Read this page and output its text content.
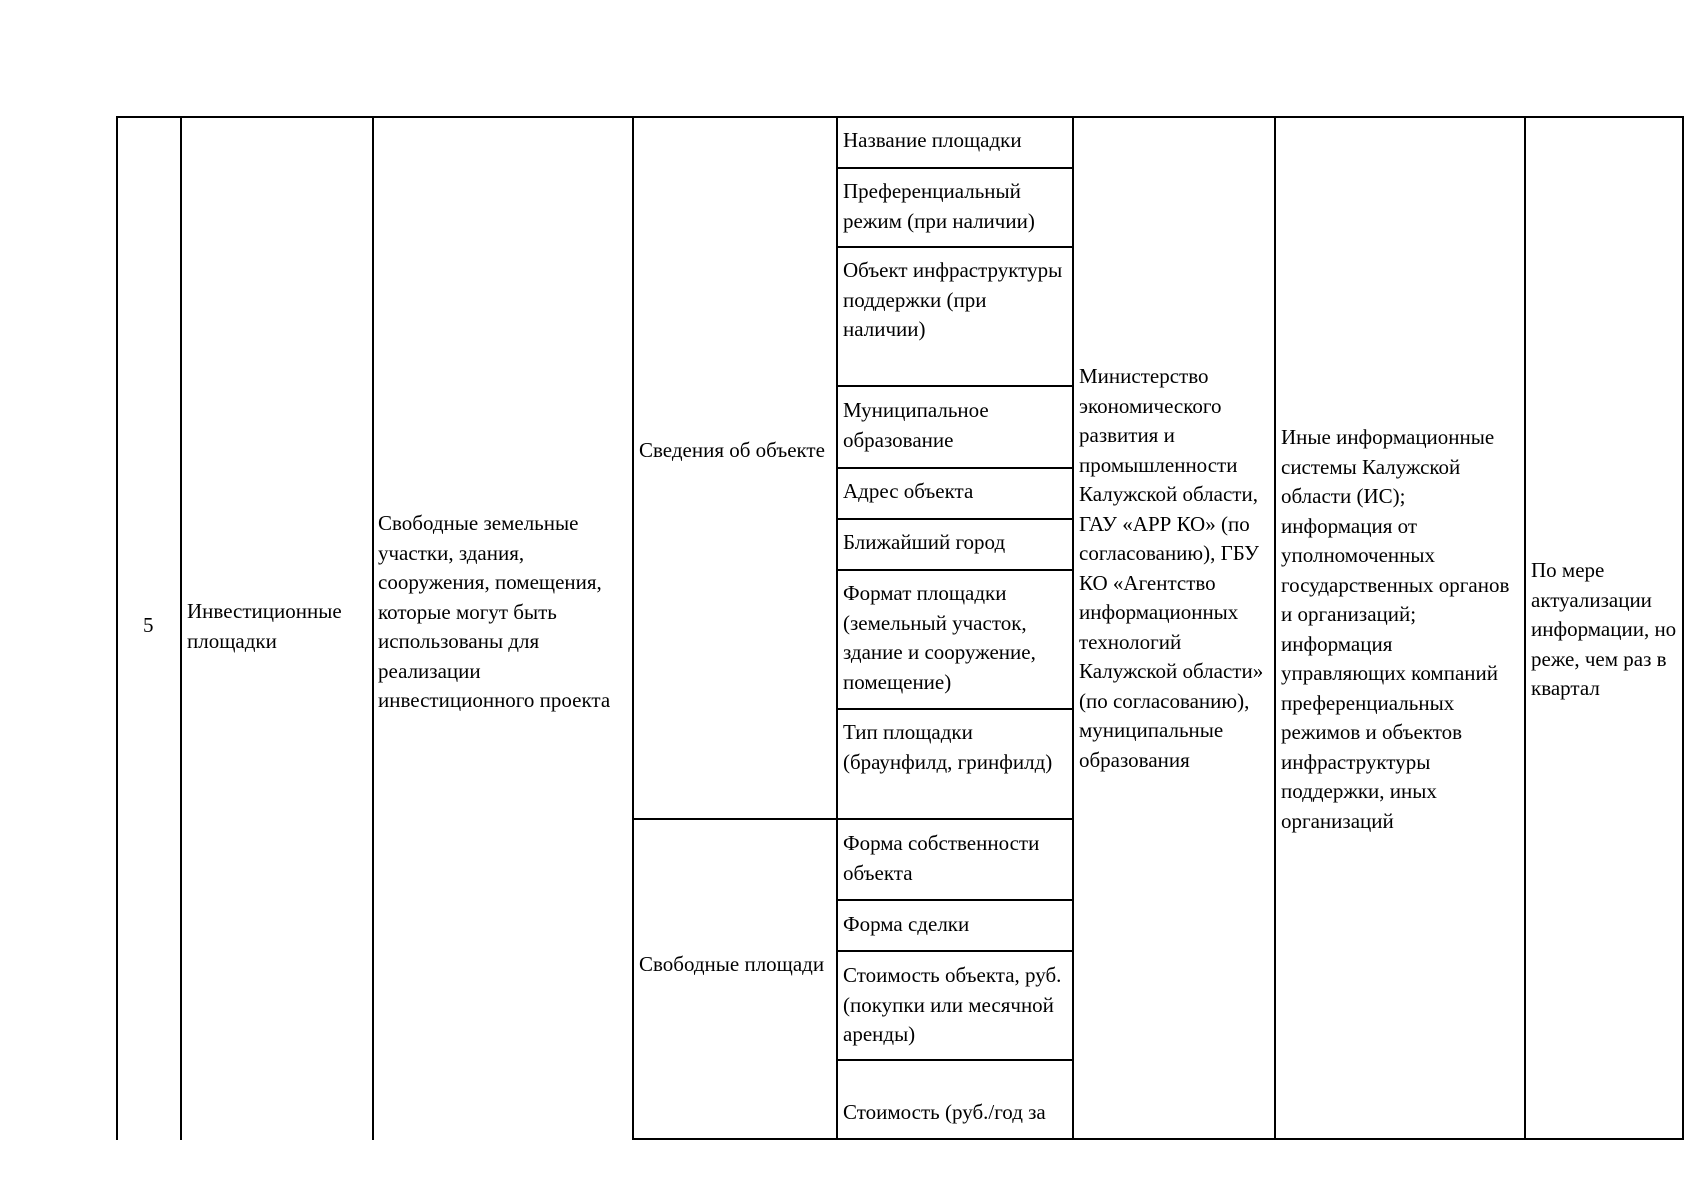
5
Инвестиционные площадки
Свободные земельные участки, здания, сооружения, помещения, которые могут быть использованы для реализации инвестиционного проекта
Сведения об объекте
Свободные площади
Название площадки
Преференциальный режим (при наличии)
Объект инфраструктуры поддержки (при наличии)
Муниципальное образование
Адрес объекта
Ближайший город
Формат площадки (земельный участок, здание и сооружение, помещение)
Тип площадки (браунфилд, гринфилд)
Форма собственности объекта
Форма сделки
Стоимость объекта, руб. (покупки или месячной аренды)
Стоимость (руб./год за
Министерство экономического развития и промышленности Калужской области, ГАУ «АРР КО» (по согласованию), ГБУ КО «Агентство информационных технологий Калужской области» (по согласованию), муниципальные образования
Иные информационные системы Калужской области (ИС); информация от уполномоченных государственных органов и организаций; информация управляющих компаний преференциальных режимов и объектов инфраструктуры поддержки, иных организаций
По мере актуализации информации, но реже, чем раз в квартал
